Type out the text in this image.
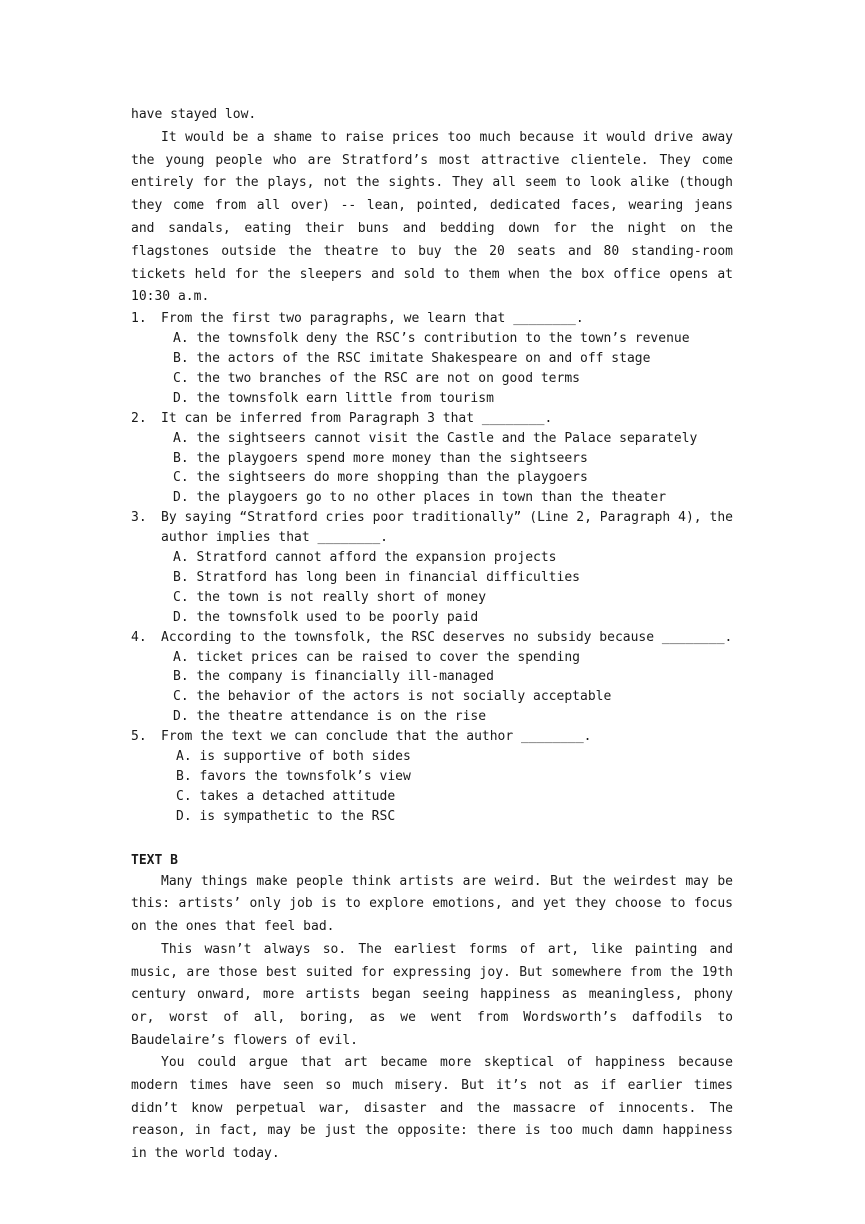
have stayed low.

It would be a shame to raise prices too much because it would drive away the young people who are Stratford’s most attractive clientele. They come entirely for the plays, not the sights. They all seem to look alike (though they come from all over) -- lean, pointed, dedicated faces, wearing jeans and sandals, eating their buns and bedding down for the night on the flagstones outside the theatre to buy the 20 seats and 80 standing-room tickets held for the sleepers and sold to them when the box office opens at 10:30 a.m.

1.	From the first two paragraphs, we learn that ________.
A. the townsfolk deny the RSC’s contribution to the town’s revenue
B. the actors of the RSC imitate Shakespeare on and off stage
C. the two branches of the RSC are not on good terms
D. the townsfolk earn little from tourism
2.	It can be inferred from Paragraph 3 that ________.
A. the sightseers cannot visit the Castle and the Palace separately
B. the playgoers spend more money than the sightseers
C. the sightseers do more shopping than the playgoers
D. the playgoers go to no other places in town than the theater
3.	By saying “Stratford cries poor traditionally” (Line 2, Paragraph 4), the author implies that ________.
A. Stratford cannot afford the expansion projects
B. Stratford has long been in financial difficulties
C. the town is not really short of money
D. the townsfolk used to be poorly paid
4.	According to the townsfolk, the RSC deserves no subsidy because ________.
A. ticket prices can be raised to cover the spending
B. the company is financially ill-managed
C. the behavior of the actors is not socially acceptable
D. the theatre attendance is on the rise
5.	From the text we can conclude that the author ________.
A. is supportive of both sides
B. favors the townsfolk’s view
C. takes a detached attitude
D. is sympathetic to the RSC
TEXT B

Many things make people think artists are weird. But the weirdest may be this: artists’ only job is to explore emotions, and yet they choose to focus on the ones that feel bad.

This wasn’t always so. The earliest forms of art, like painting and music, are those best suited for expressing joy. But somewhere from the 19th century onward, more artists began seeing happiness as meaningless, phony or, worst of all, boring, as we went from Wordsworth’s daffodils to Baudelaire’s flowers of evil.

You could argue that art became more skeptical of happiness because modern times have seen so much misery. But it’s not as if earlier times didn’t know perpetual war, disaster and the massacre of innocents. The reason, in fact, may be just the opposite: there is too much damn happiness in the world today.
